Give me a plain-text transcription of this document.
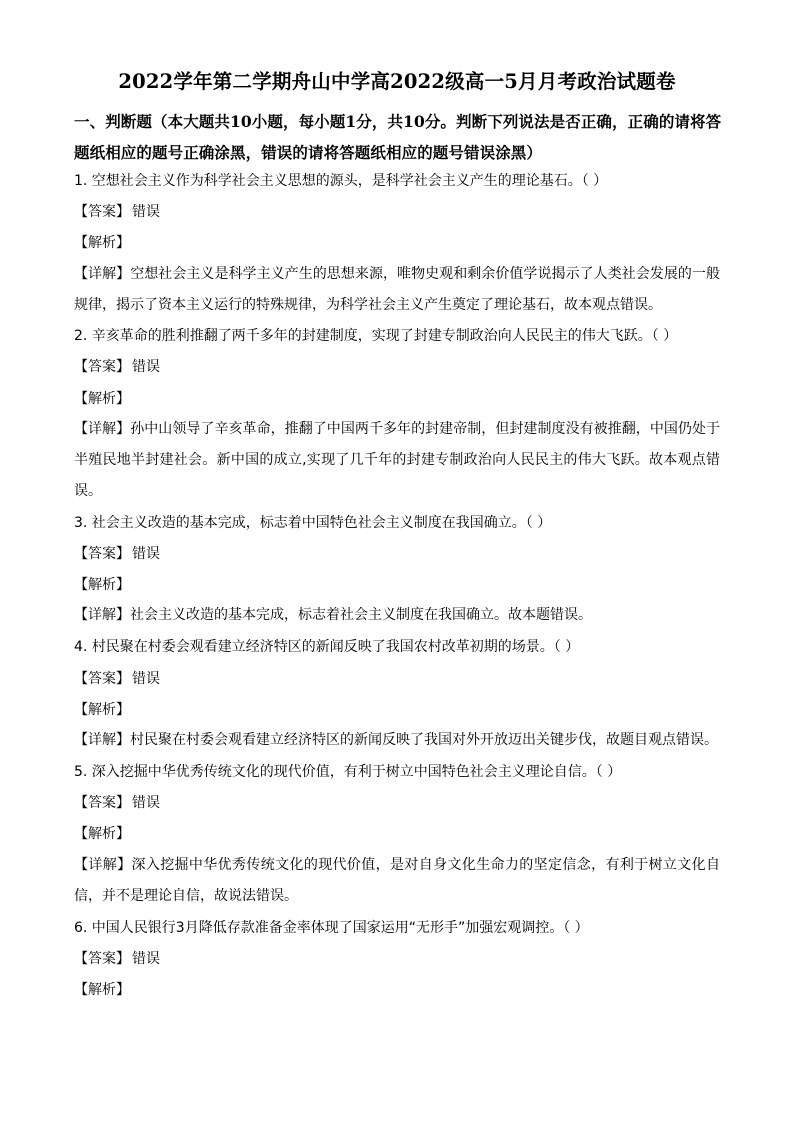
2022学年第二学期舟山中学高2022级高一5月月考政治试题卷
一、判断题（本大题共10小题，每小题1分，共10分。判断下列说法是否正确，正确的请将答题纸相应的题号正确涂黑，错误的请将答题纸相应的题号错误涂黑）
1. 空想社会主义作为科学社会主义思想的源头，是科学社会主义产生的理论基石。（ ）
【答案】 错误
【解析】
【详解】空想社会主义是科学主义产生的思想来源，唯物史观和剩余价值学说揭示了人类社会发展的一般规律，揭示了资本主义运行的特殊规律，为科学社会主义产生奠定了理论基石，故本观点错误。
2. 辛亥革命的胜利推翻了两千多年的封建制度，实现了封建专制政治向人民民主的伟大飞跃。（ ）
【答案】 错误
【解析】
【详解】孙中山领导了辛亥革命，推翻了中国两千多年的封建帝制，但封建制度没有被推翻，中国仍处于半殖民地半封建社会。新中国的成立,实现了几千年的封建专制政治向人民民主的伟大飞跃。故本观点错误。
3. 社会主义改造的基本完成，标志着中国特色社会主义制度在我国确立。（ ）
【答案】 错误
【解析】
【详解】社会主义改造的基本完成，标志着社会主义制度在我国确立。故本题错误。
4. 村民聚在村委会观看建立经济特区的新闻反映了我国农村改革初期的场景。（ ）
【答案】 错误
【解析】
【详解】村民聚在村委会观看建立经济特区的新闻反映了我国对外开放迈出关键步伐，故题目观点错误。
5. 深入挖掘中华优秀传统文化的现代价值，有利于树立中国特色社会主义理论自信。（ ）
【答案】 错误
【解析】
【详解】深入挖掘中华优秀传统文化的现代价值，是对自身文化生命力的坚定信念，有利于树立文化自信，并不是理论自信，故说法错误。
6. 中国人民银行3月降低存款准备金率体现了国家运用“无形手”加强宏观调控。（ ）
【答案】 错误
【解析】
